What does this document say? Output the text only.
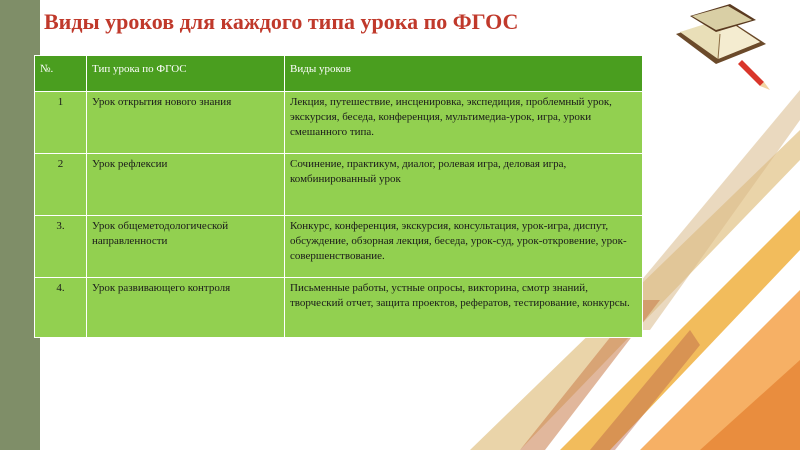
Виды уроков для каждого типа урока по ФГОС
№.	Тип урока по ФГОС	Виды уроков
1	Урок открытия нового знания	Лекция, путешествие, инсценировка, экспедиция, проблемный урок, экскурсия, беседа, конференция, мультимедиа-урок, игра, уроки смешанного типа.
2	Урок рефлексии	Сочинение, практикум, диалог, ролевая игра, деловая игра, комбинированный урок
3.	Урок общеметодологической направленности	Конкурс, конференция, экскурсия, консультация, урок-игра, диспут, обсуждение, обзорная лекция, беседа, урок-суд, урок-откровение, урок-совершенствование.
4.	Урок развивающего контроля	Письменные работы, устные опросы, викторина, смотр знаний, творческий отчет, защита проектов, рефератов, тестирование, конкурсы.
